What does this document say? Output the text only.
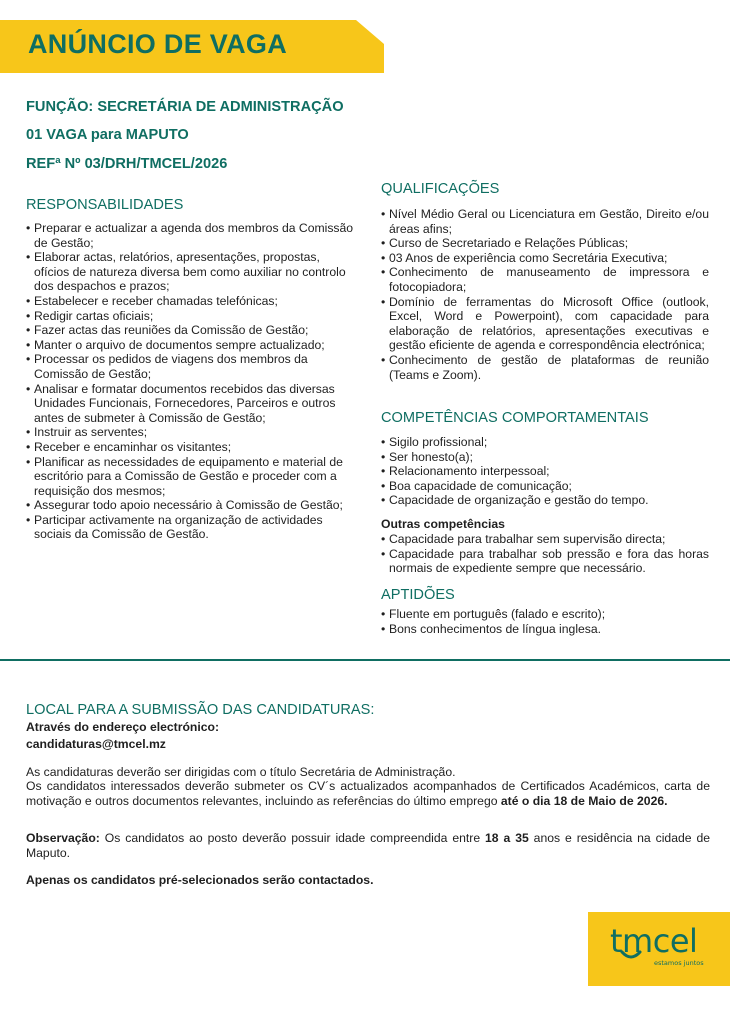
ANÚNCIO DE VAGA
FUNÇÃO: SECRETÁRIA DE ADMINISTRAÇÃO
01 VAGA para MAPUTO
REFª Nº 03/DRH/TMCEL/2026
RESPONSABILIDADES
• Preparar e actualizar a agenda dos membros da Comissão de Gestão;
• Elaborar actas, relatórios, apresentações, propostas, ofícios de natureza diversa bem como auxiliar no controlo dos despachos e prazos;
• Estabelecer e receber chamadas telefónicas;
• Redigir cartas oficiais;
• Fazer actas das reuniões da Comissão de Gestão;
• Manter o arquivo de documentos sempre actualizado;
• Processar os pedidos de viagens dos membros da Comissão de Gestão;
• Analisar e formatar documentos recebidos das diversas Unidades Funcionais, Fornecedores, Parceiros e outros antes de submeter à Comissão de Gestão;
• Instruir as serventes;
• Receber e encaminhar os visitantes;
• Planificar as necessidades de equipamento e material de escritório para a Comissão de Gestão e proceder com a requisição dos mesmos;
• Assegurar todo apoio necessário à Comissão de Gestão;
• Participar activamente na organização de actividades sociais da Comissão de Gestão.
QUALIFICAÇÕES
• Nível Médio Geral ou Licenciatura em Gestão, Direito e/ou áreas afins;
• Curso de Secretariado e Relações Públicas;
• 03 Anos de experiência como Secretária Executiva;
• Conhecimento de manuseamento de impressora e fotocopiadora;
• Domínio de ferramentas do Microsoft Office (outlook, Excel, Word e Powerpoint), com capacidade para elaboração de relatórios, apresentações executivas e gestão eficiente de agenda e correspondência electrónica;
• Conhecimento de gestão de plataformas de reunião (Teams e Zoom).
COMPETÊNCIAS COMPORTAMENTAIS
• Sigilo profissional;
• Ser honesto(a);
• Relacionamento interpessoal;
• Boa capacidade de comunicação;
• Capacidade de organização e gestão do tempo.

Outras competências

• Capacidade para trabalhar sem supervisão directa;
• Capacidade para trabalhar sob pressão e fora das horas normais de expediente sempre que necessário.
APTIDÕES
• Fluente em português (falado e escrito);
• Bons conhecimentos de língua inglesa.
LOCAL PARA A SUBMISSÃO DAS CANDIDATURAS:

Através do endereço electrónico:

candidaturas@tmcel.mz

As candidaturas deverão ser dirigidas com o título Secretária de Administração.

Os candidatos interessados deverão submeter os CV´s actualizados acompanhados de Certificados Académicos, carta de motivação e outros documentos relevantes, incluindo as referências do último emprego até o dia 18 de Maio de 2026.

Observação: Os candidatos ao posto deverão possuir idade compreendida entre 18 a 35 anos e residência na cidade de Maputo.

Apenas os candidatos pré-selecionados serão contactados.

tmcel
estamos juntos
